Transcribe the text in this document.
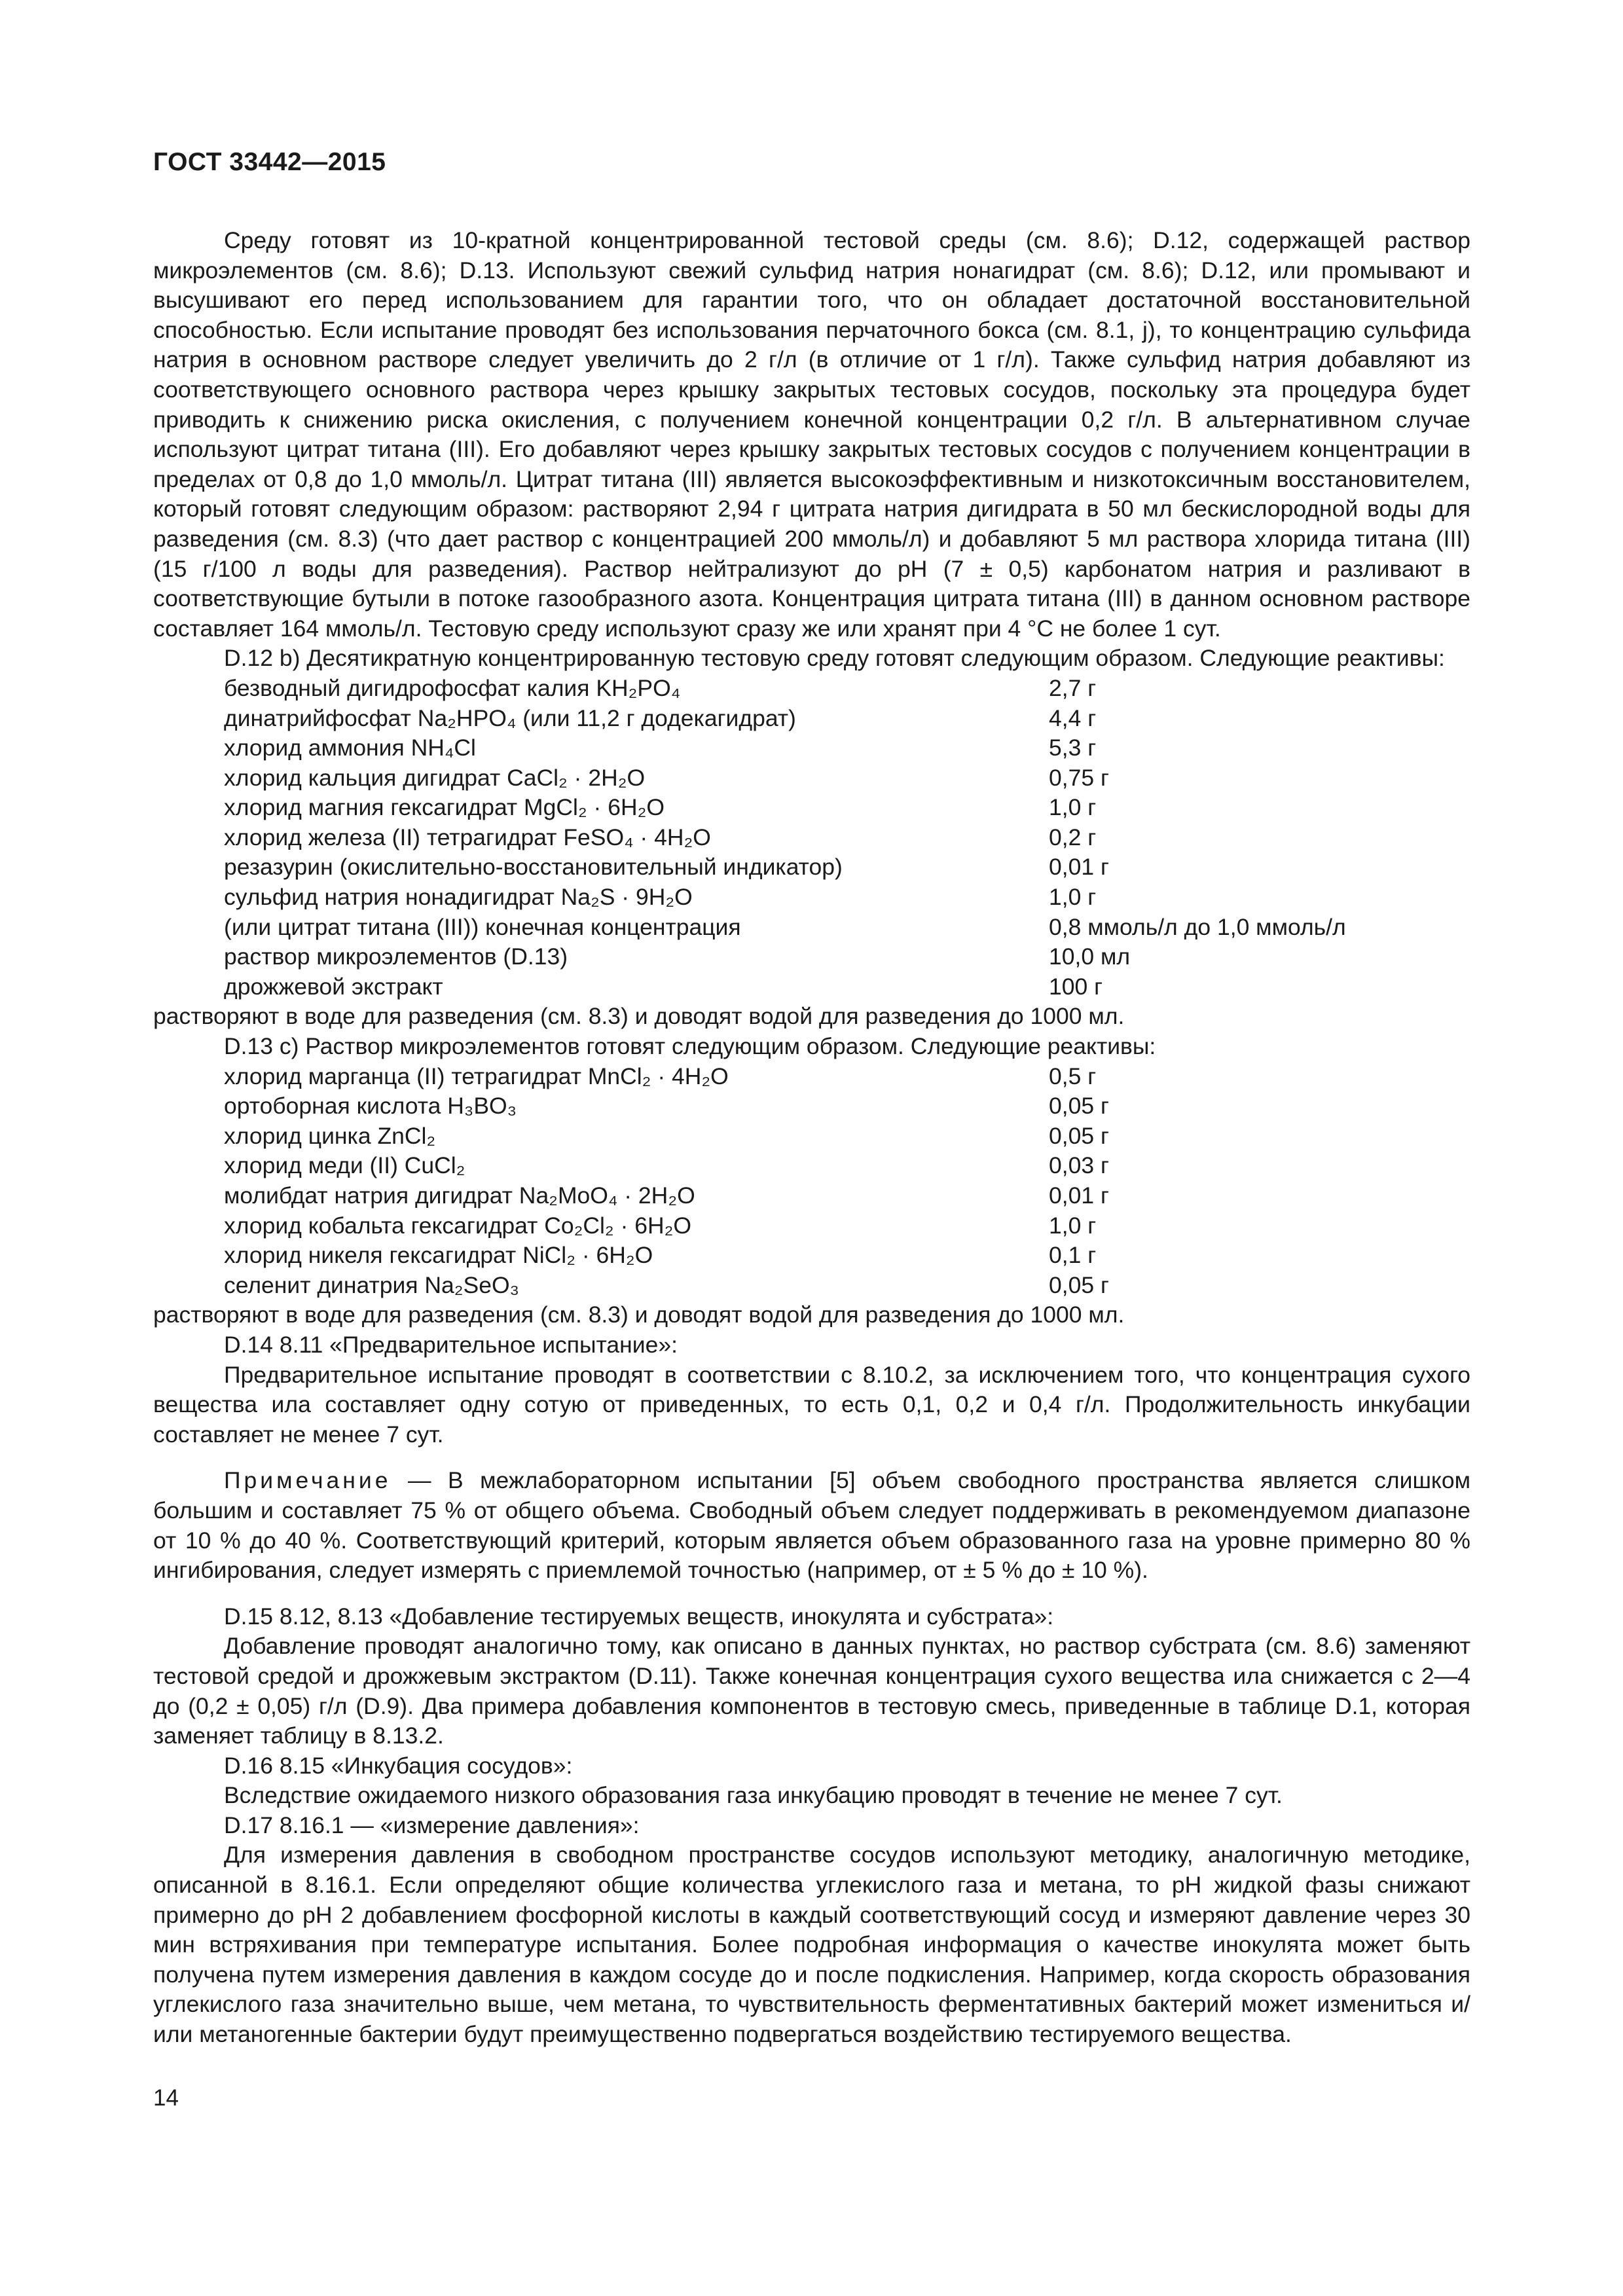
ГОСТ 33442—2015

Среду готовят из 10-кратной концентрированной тестовой среды (см. 8.6); D.12, содержащей раствор микроэлементов (см. 8.6); D.13. Используют свежий сульфид натрия нонагидрат (см. 8.6); D.12, или промывают и высушивают его перед использованием для гарантии того, что он обладает достаточной восстановительной способностью. Если испытание проводят без использования перчаточного бокса (см. 8.1, j), то концентрацию сульфида натрия в основном растворе следует увеличить до 2 г/л (в отличие от 1 г/л). Также сульфид натрия добавляют из соответствующего основного раствора через крышку закрытых тестовых сосудов, поскольку эта процедура будет приводить к снижению риска окисления, с получением конечной концентрации 0,2 г/л. В альтернативном случае используют цитрат титана (III). Его добавляют через крышку закрытых тестовых сосудов с получением концентрации в пределах от 0,8 до 1,0 ммоль/л. Цитрат титана (III) является высокоэффективным и низкотоксичным восстановителем, который готовят следующим образом: растворяют 2,94 г цитрата натрия дигидрата в 50 мл бескислородной воды для разведения (см. 8.3) (что дает раствор с концентрацией 200 ммоль/л) и добавляют 5 мл раствора хлорида титана (III) (15 г/100 л воды для разведения). Раствор нейтрализуют до pH (7 ± 0,5) карбонатом натрия и разливают в соответствующие бутыли в потоке газообразного азота. Концентрация цитрата титана (III) в данном основном растворе составляет 164 ммоль/л. Тестовую среду используют сразу же или хранят при 4 °С не более 1 сут.

D.12 b) Десятикратную концентрированную тестовую среду готовят следующим образом. Следующие реактивы:

безводный дигидрофосфат калия KH₂PO₄	2,7 г
динатрийфосфат Na₂HPO₄ (или 11,2 г додекагидрат)	4,4 г
хлорид аммония NH₄Cl	5,3 г
хлорид кальция дигидрат CaCl₂ · 2H₂O	0,75 г
хлорид магния гексагидрат MgCl₂ · 6H₂O	1,0 г
хлорид железа (II) тетрагидрат FeSO₄ · 4H₂O	0,2 г
резазурин (окислительно-восстановительный индикатор)	0,01 г
сульфид натрия нонадигидрат Na₂S · 9H₂O	1,0 г
(или цитрат титана (III)) конечная концентрация	0,8 ммоль/л до 1,0 ммоль/л
раствор микроэлементов (D.13)	10,0 мл
дрожжевой экстракт	100 г

растворяют в воде для разведения (см. 8.3) и доводят водой для разведения до 1000 мл.

D.13 c) Раствор микроэлементов готовят следующим образом. Следующие реактивы:

хлорид марганца (II) тетрагидрат MnCl₂ · 4H₂O	0,5 г
ортоборная кислота H₃BO₃	0,05 г
хлорид цинка ZnCl₂	0,05 г
хлорид меди (II) CuCl₂	0,03 г
молибдат натрия дигидрат Na₂MoO₄ · 2H₂O	0,01 г
хлорид кобальта гексагидрат Co₂Cl₂ · 6H₂O	1,0 г
хлорид никеля гексагидрат NiCl₂ · 6H₂O	0,1 г
селенит динатрия Na₂SeO₃	0,05 г

растворяют в воде для разведения (см. 8.3) и доводят водой для разведения до 1000 мл.

D.14 8.11 «Предварительное испытание»:

Предварительное испытание проводят в соответствии с 8.10.2, за исключением того, что концентрация сухого вещества ила составляет одну сотую от приведенных, то есть 0,1, 0,2 и 0,4 г/л. Продолжительность инкубации составляет не менее 7 сут.

Примечание — В межлабораторном испытании [5] объем свободного пространства является слишком большим и составляет 75 % от общего объема. Свободный объем следует поддерживать в рекомендуемом диапазоне от 10 % до 40 %. Соответствующий критерий, которым является объем образованного газа на уровне примерно 80 % ингибирования, следует измерять с приемлемой точностью (например, от ± 5 % до ± 10 %).

D.15 8.12, 8.13 «Добавление тестируемых веществ, инокулята и субстрата»:

Добавление проводят аналогично тому, как описано в данных пунктах, но раствор субстрата (см. 8.6) заменяют тестовой средой и дрожжевым экстрактом (D.11). Также конечная концентрация сухого вещества ила снижается с 2—4 до (0,2 ± 0,05) г/л (D.9). Два примера добавления компонентов в тестовую смесь, приведенные в таблице D.1, которая заменяет таблицу в 8.13.2.

D.16 8.15 «Инкубация сосудов»:

Вследствие ожидаемого низкого образования газа инкубацию проводят в течение не менее 7 сут.

D.17 8.16.1 — «измерение давления»:

Для измерения давления в свободном пространстве сосудов используют методику, аналогичную методике, описанной в 8.16.1. Если определяют общие количества углекислого газа и метана, то pH жидкой фазы снижают примерно до pH 2 добавлением фосфорной кислоты в каждый соответствующий сосуд и измеряют давление через 30 мин встряхивания при температуре испытания. Более подробная информация о качестве инокулята может быть получена путем измерения давления в каждом сосуде до и после подкисления. Например, когда скорость образования углекислого газа значительно выше, чем метана, то чувствительность ферментативных бактерий может измениться и/или метаногенные бактерии будут преимущественно подвергаться воздействию тестируемого вещества.

14
